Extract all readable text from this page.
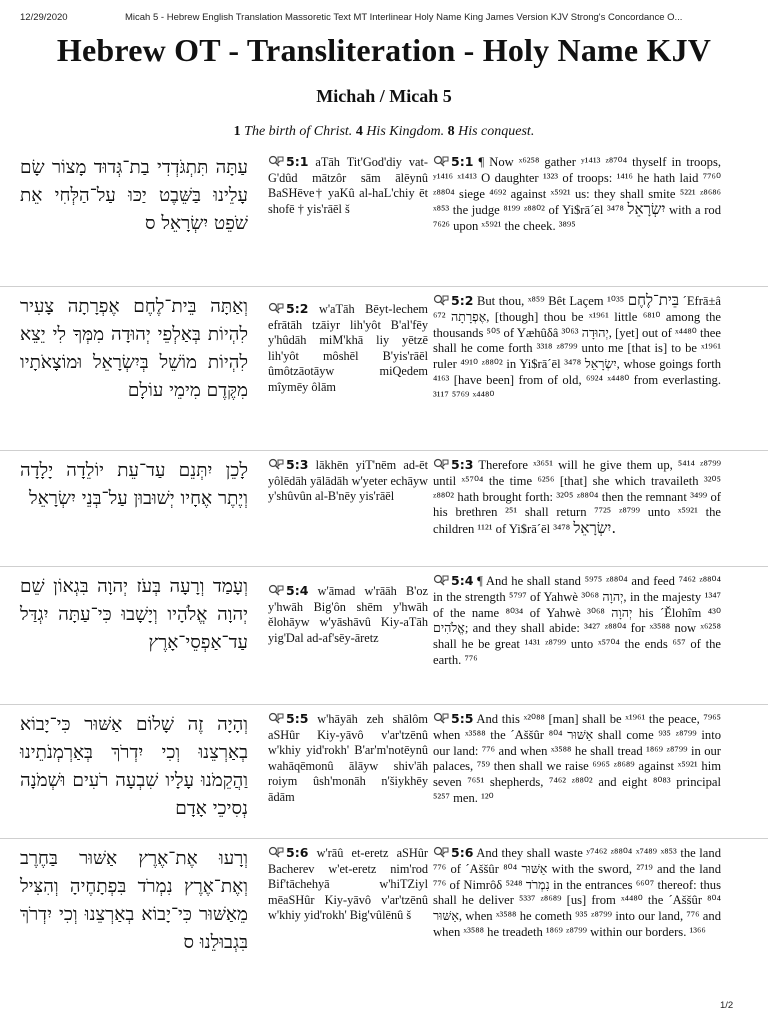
12/29/2020	Micah 5 - Hebrew English Translation Massoretic Text MT Interlinear Holy Name King James Version KJV Strong's Concordance O...
Hebrew OT - Transliteration - Holy Name KJV
Michah / Micah 5
1 The birth of Christ. 4 His Kingdom. 8 His conquest.
עַתָּה תִּתְגֹּדְדִי בַת־גְּדוּד מָצוֹר שָׂם עָלֵינוּ בַּשֵּׁבֶט יַכּוּ עַל־הַלְּחִי אֵת שֹׁפֵט יִשְׂרָאֵל ס
5:1 aTāh Tit'God'diy vat-G'dûd mātzôr sām ālēynû BaSHēve† yaKû al-haL'chiy ēt shofē † yis'rāēl š
5:1 ¶ Now ˣ⁶²⁵⁸ gather ʸ¹⁴¹³ ᶻ⁸⁷⁰⁴ thyself in troops, ʸ¹⁴¹⁶ ˣ¹⁴¹³ O daughter ¹³²³ of troops: ¹⁴¹⁶ he hath laid ⁷⁷⁶⁰ ᶻ⁸⁸⁰⁴ siege ⁴⁶⁹² against ˣ⁵⁹²¹ us: they shall smite ⁵²²¹ ᶻ⁸⁶⁸⁶ ˣ⁸⁵³ the judge ⁸¹⁹⁹ ᶻ⁸⁸⁰² of Yi$rā´ēl יִשְׂרָאֵל ³⁴⁷⁸ with a rod ⁷⁶²⁶ upon ˣ⁵⁹²¹ the cheek. ³⁸⁹⁵
וְאַתָּה בֵּית־לֶחֶם אֶפְרָתָה צָעִיר לִהְיוֹת בְּאַלְפֵי יְהוּדָה מִמְּךָ לִי יֵצֵא לִהְיוֹת מוֹשֵׁל בְּיִשְׂרָאֵל וּמוֹצָאֹתָיו מִקֶּדֶם מִימֵי עוֹלָם
5:2 w'aTāh Bēyt-lechem efrātāh tzāiyr lih'yôt B'al'fēy y'hûdāh miM'khā liy yētzē lih'yôt môshēl B'yis'rāēl ûmôtzāotāyw miQedem mîymēy ôlām
5:2 But thou, ˣ⁸⁵⁹ Bêt Laçem בֵּית־לֶחֶם ¹⁰³⁵ ´Efrā±â ⁶⁷² אֶפְרָתָה, [though] thou be ˣ¹⁹⁶¹ little ⁶⁸¹⁰ among the thousands ⁵⁰⁵ of Yæhûδâ ³⁰⁶³ יְהוּדָה, [yet] out of ˣ⁴⁴⁸⁰ thee shall he come forth ³³¹⁸ ᶻ⁸⁷⁹⁹ unto me [that is] to be ˣ¹⁹⁶¹ ruler ⁴⁹¹⁰ ᶻ⁸⁸⁰² in Yi$rā´ēl ³⁴⁷⁸ יִשְׂרָאֵל, whose goings forth ⁴¹⁶³ [have been] from of old, ⁶⁹²⁴ ˣ⁴⁴⁸⁰ from everlasting. ³¹¹⁷ ⁵⁷⁶⁹ ˣ⁴⁴⁸⁰
לָכֵן יִתְּנֵם עַד־עֵת יוֹלֵדָה יָלָדָה וְיֶתֶר אֶחָיו יְשׁוּבוּן עַל־בְּנֵי יִשְׂרָאֵל
5:3 lākhēn yiT'nēm ad-ēt yôlēdāh yālādāh w'yeter echāyw y'shûvûn al-B'nēy yis'rāēl
5:3 Therefore ˣ³⁶⁵¹ will he give them up, ⁵⁴¹⁴ ᶻ⁸⁷⁹⁹ until ˣ⁵⁷⁰⁴ the time ⁶²⁵⁶ [that] she which travaileth ³²⁰⁵ ᶻ⁸⁸⁰² hath brought forth: ³²⁰⁵ ᶻ⁸⁸⁰⁴ then the remnant ³⁴⁹⁹ of his brethren ²⁵¹ shall return ⁷⁷²⁵ ᶻ⁸⁷⁹⁹ unto ˣ⁵⁹²¹ the children ¹¹²¹ of Yi$rā´ēl ³⁴⁷⁸ יִשְׂרָאֵל.
וְעָמַד וְרָעָה בְּעֹז יְהוָה בִּגְאוֹן שֵׁם יְהוָה אֱלֹהָיו וְיָשָׁבוּ כִּי־עַתָּה יִגְדַּל עַד־אַפְסֵי־אָרֶץ
5:4 w'āmad w'rāāh B'oz y'hwāh Big'ôn shēm y'hwāh ělohāyw w'yāshāvû Kiy-aTāh yig'Dal ad-af'sēy-āretz
5:4 ¶ And he shall stand ⁵⁹⁷⁵ ᶻ⁸⁸⁰⁴ and feed ⁷⁴⁶² ᶻ⁸⁸⁰⁴ in the strength ⁵⁷⁹⁷ of Yahwè ³⁰⁶⁸ יְהוָה, in the majesty ¹³⁴⁷ of the name ⁸⁰³⁴ of Yahwè ³⁰⁶⁸ יְהוָה his ´Ělohîm ⁴³⁰ אֱלֹהִים; and they shall abide: ³⁴²⁷ ᶻ⁸⁸⁰⁴ for ˣ³⁵⁸⁸ now ˣ⁶²⁵⁸ shall he be great ¹⁴³¹ ᶻ⁸⁷⁹⁹ unto ˣ⁵⁷⁰⁴ the ends ⁶⁵⁷ of the earth. ⁷⁷⁶
וְהָיָה זֶה שָׁלוֹם אַשּׁוּר כִּי־יָבוֹא בְאַרְצֵנוּ וְכִי יִדְרֹךְ בְּאַרְמְנֹתֵינוּ וַהֲקֵמֹנוּ עָלָיו שִׁבְעָה רֹעִים וּשְׁמֹנָה נְסִיכֵי אָדָם
5:5 w'hāyāh zeh shālôm aSHûr Kiy-yāvô v'ar'tzēnû w'khiy yid'rokh' B'ar'm'notēynû wahāqēmonû ālāyw shiv'āh roiym ûsh'monāh n'šiykhēy ādām
5:5 And this ˣ²⁰⁸⁸ [man] shall be ˣ¹⁹⁶¹ the peace, ⁷⁹⁶⁵ when ˣ³⁵⁸⁸ the ´Aššûr ⁸⁰⁴ אַשּׁוּר shall come ⁹³⁵ ᶻ⁸⁷⁹⁹ into our land: ⁷⁷⁶ and when ˣ³⁵⁸⁸ he shall tread ¹⁸⁶⁹ ᶻ⁸⁷⁹⁹ in our palaces, ⁷⁵⁹ then shall we raise ⁶⁹⁶⁵ ᶻ⁸⁶⁸⁹ against ˣ⁵⁹²¹ him seven ⁷⁶⁵¹ shepherds, ⁷⁴⁶² ᶻ⁸⁸⁰² and eight ⁸⁰⁸³ principal ⁵²⁵⁷ men. ¹²⁰
וְרָעוּ אֶת־אֶרֶץ אַשּׁוּר בַּחֶרֶב וְאֶת־אֶרֶץ נִמְרֹד בִּפְתָחֶיהָ וְהִצִּיל מֵאַשּׁוּר כִּי־יָבוֹא בְאַרְצֵנוּ וְכִי יִדְרֹךְ בִּגְבוּלֵנוּ ס
5:6 w'rāû et-eretz aSHûr Bacherev w'et-eretz nim'rod Bif'tāchehyā w'hiTZiyl mēaSHûr Kiy-yāvô v'ar'tzēnû w'khiy yid'rokh' Big'vûlēnû š
5:6 And they shall waste ʸ⁷⁴⁶² ᶻ⁸⁸⁰⁴ ˣ⁷⁴⁸⁹ ˣ⁸⁵³ the land ⁷⁷⁶ of ´Aššûr ⁸⁰⁴ אַשּׁוּר with the sword, ²⁷¹⁹ and the land ⁷⁷⁶ of Nimrôδ ⁵²⁴⁸ נִמְרֹד in the entrances ⁶⁶⁰⁷ thereof: thus shall he deliver ⁵³³⁷ ᶻ⁸⁶⁸⁹ [us] from ˣ⁴⁴⁸⁰ the ´Aššûr ⁸⁰⁴ אַשּׁוּר, when ˣ³⁵⁸⁸ he cometh ⁹³⁵ ᶻ⁸⁷⁹⁹ into our land, ⁷⁷⁶ and when ˣ³⁵⁸⁸ he treadeth ¹⁸⁶⁹ ᶻ⁸⁷⁹⁹ within our borders. ¹³⁶⁶
1/2
